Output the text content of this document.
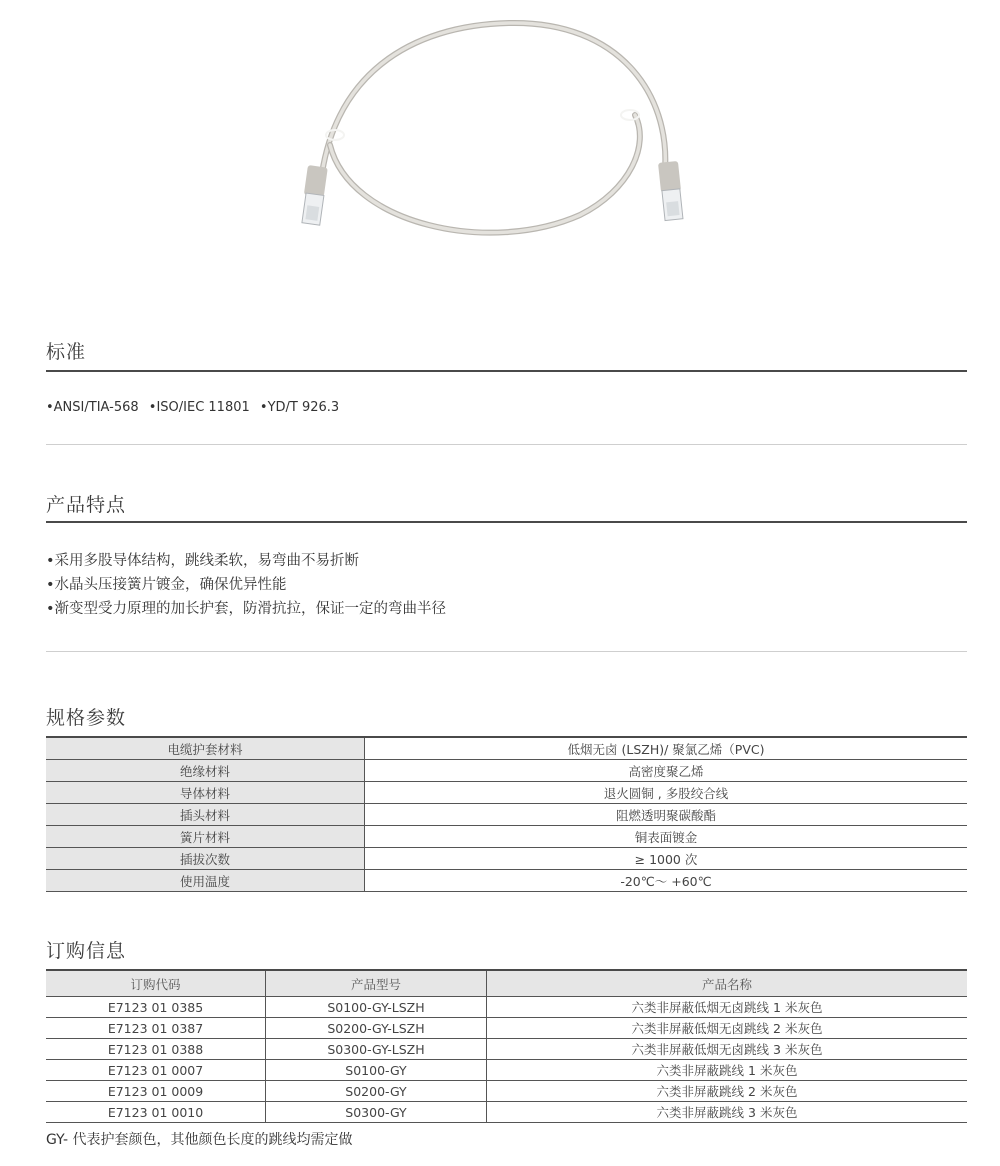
标准
•ANSI/TIA-568 •ISO/IEC 11801 •YD/T 926.3
产品特点
•采用多股导体结构，跳线柔软，易弯曲不易折断
•水晶头压接簧片镀金，确保优异性能
•渐变型受力原理的加长护套，防滑抗拉，保证一定的弯曲半径
规格参数
电缆护套材料	低烟无卤 (LSZH)/ 聚氯乙烯（PVC)
绝缘材料	高密度聚乙烯
导体材料	退火圆铜 , 多股绞合线
插头材料	阻燃透明聚碳酸酯
簧片材料	铜表面镀金
插拔次数	≥ 1000 次
使用温度	-20℃～ +60℃
订购信息
订购代码	产品型号	产品名称
E7123 01 0385	S0100-GY-LSZH	六类非屏蔽低烟无卤跳线 1 米灰色
E7123 01 0387	S0200-GY-LSZH	六类非屏蔽低烟无卤跳线 2 米灰色
E7123 01 0388	S0300-GY-LSZH	六类非屏蔽低烟无卤跳线 3 米灰色
E7123 01 0007	S0100-GY	六类非屏蔽跳线 1 米灰色
E7123 01 0009	S0200-GY	六类非屏蔽跳线 2 米灰色
E7123 01 0010	S0300-GY	六类非屏蔽跳线 3 米灰色
GY- 代表护套颜色，其他颜色长度的跳线均需定做
